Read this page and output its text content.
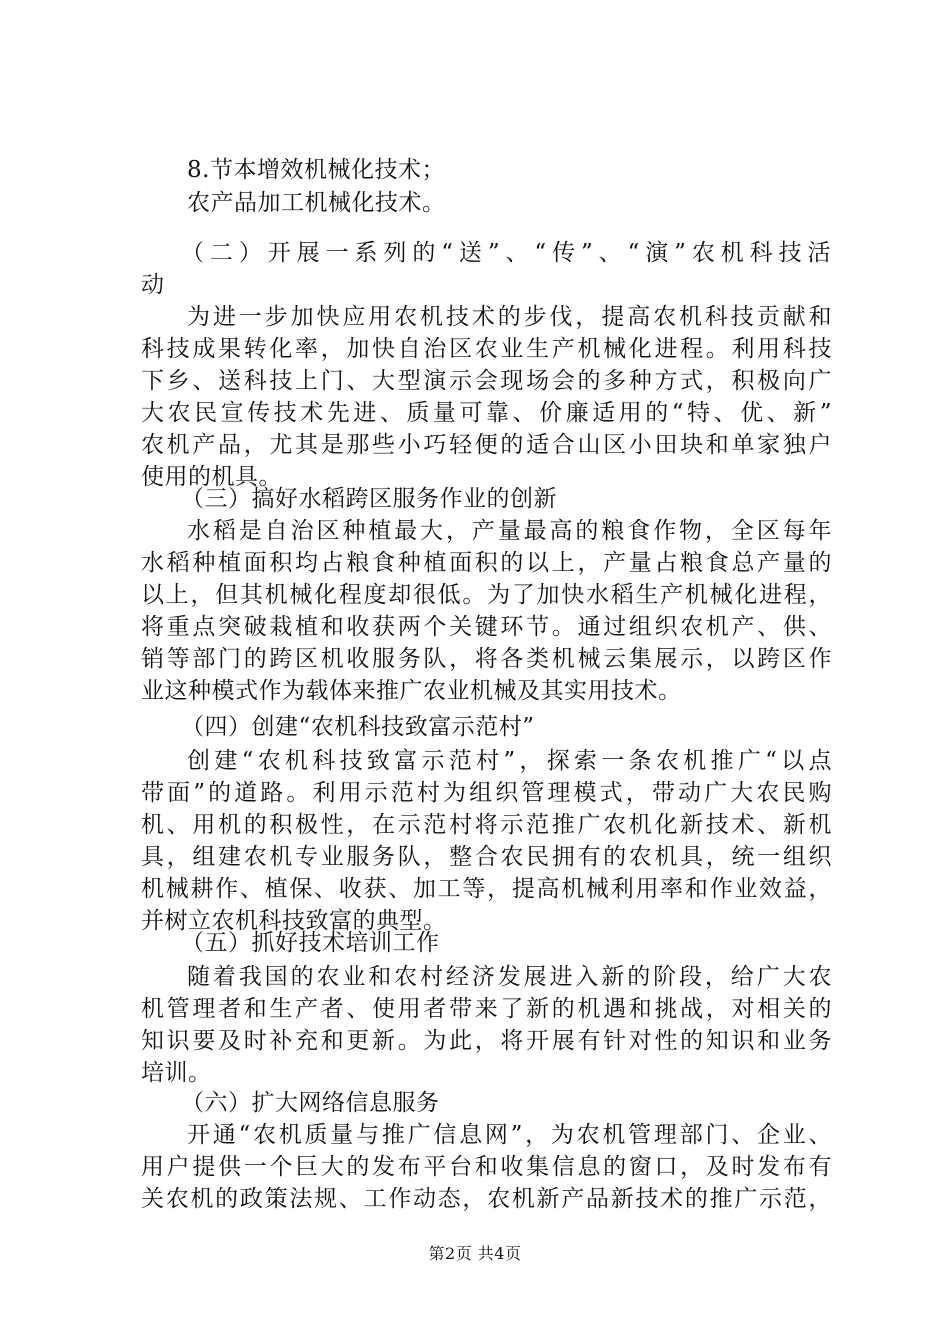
8.节本增效机械化技术；
农产品加工机械化技术。
（二）开展一系列的“送”、“传”、“演”农机科技活
动
为进一步加快应用农机技术的步伐，提高农机科技贡献和
科技成果转化率，加快自治区农业生产机械化进程。利用科技
下乡、送科技上门、大型演示会现场会的多种方式，积极向广
大农民宣传技术先进、质量可靠、价廉适用的“特、优、新”
农机产品，尤其是那些小巧轻便的适合山区小田块和单家独户
使用的机具。
（三）搞好水稻跨区服务作业的创新
水稻是自治区种植最大，产量最高的粮食作物，全区每年
水稻种植面积均占粮食种植面积的以上，产量占粮食总产量的
以上，但其机械化程度却很低。为了加快水稻生产机械化进程，
将重点突破栽植和收获两个关键环节。通过组织农机产、供、
销等部门的跨区机收服务队，将各类机械云集展示，以跨区作
业这种模式作为载体来推广农业机械及其实用技术。
（四）创建“农机科技致富示范村”
创建“农机科技致富示范村”，探索一条农机推广“以点
带面”的道路。利用示范村为组织管理模式，带动广大农民购
机、用机的积极性，在示范村将示范推广农机化新技术、新机
具，组建农机专业服务队，整合农民拥有的农机具，统一组织
机械耕作、植保、收获、加工等，提高机械利用率和作业效益，
并树立农机科技致富的典型。
（五）抓好技术培训工作
随着我国的农业和农村经济发展进入新的阶段，给广大农
机管理者和生产者、使用者带来了新的机遇和挑战，对相关的
知识要及时补充和更新。为此，将开展有针对性的知识和业务
培训。
（六）扩大网络信息服务
开通“农机质量与推广信息网”，为农机管理部门、企业、
用户提供一个巨大的发布平台和收集信息的窗口，及时发布有
关农机的政策法规、工作动态，农机新产品新技术的推广示范，
第2页 共4页
